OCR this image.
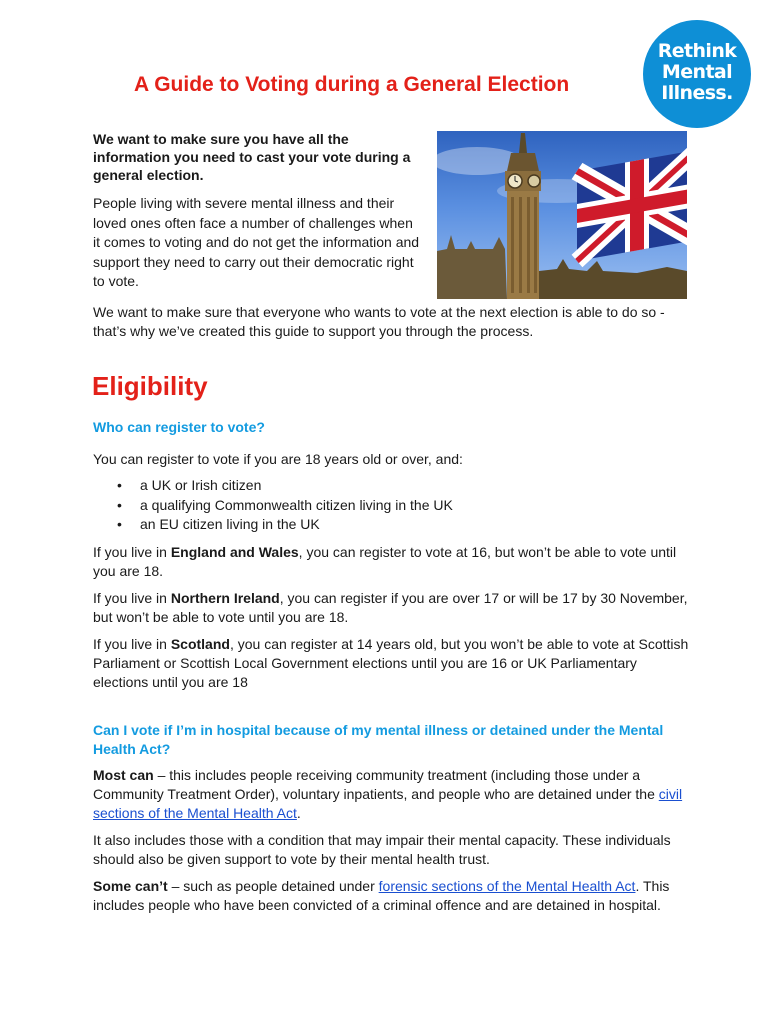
Rethink
Mental
Illness.
A Guide to Voting during a General Election

We want to make sure you have all the information you need to cast your vote during a general election.

People living with severe mental illness and their loved ones often face a number of challenges when it comes to voting and do not get the information and support they need to carry out their democratic right to vote.

We want to make sure that everyone who wants to vote at the next election is able to do so - that’s why we’ve created this guide to support you through the process.

Eligibility
Who can register to vote?

You can register to vote if you are 18 years old or over, and:

• a UK or Irish citizen
• a qualifying Commonwealth citizen living in the UK
• an EU citizen living in the UK

If you live in England and Wales, you can register to vote at 16, but won’t be able to vote until you are 18.

If you live in Northern Ireland, you can register if you are over 17 or will be 17 by 30 November, but won’t be able to vote until you are 18.

If you live in Scotland, you can register at 14 years old, but you won’t be able to vote at Scottish Parliament or Scottish Local Government elections until you are 16 or UK Parliamentary elections until you are 18

Can I vote if I’m in hospital because of my mental illness or detained under the Mental Health Act?

Most can – this includes people receiving community treatment (including those under a Community Treatment Order), voluntary inpatients, and people who are detained under the civil sections of the Mental Health Act.

It also includes those with a condition that may impair their mental capacity. These individuals should also be given support to vote by their mental health trust.

Some can’t – such as people detained under forensic sections of the Mental Health Act. This includes people who have been convicted of a criminal offence and are detained in hospital.
